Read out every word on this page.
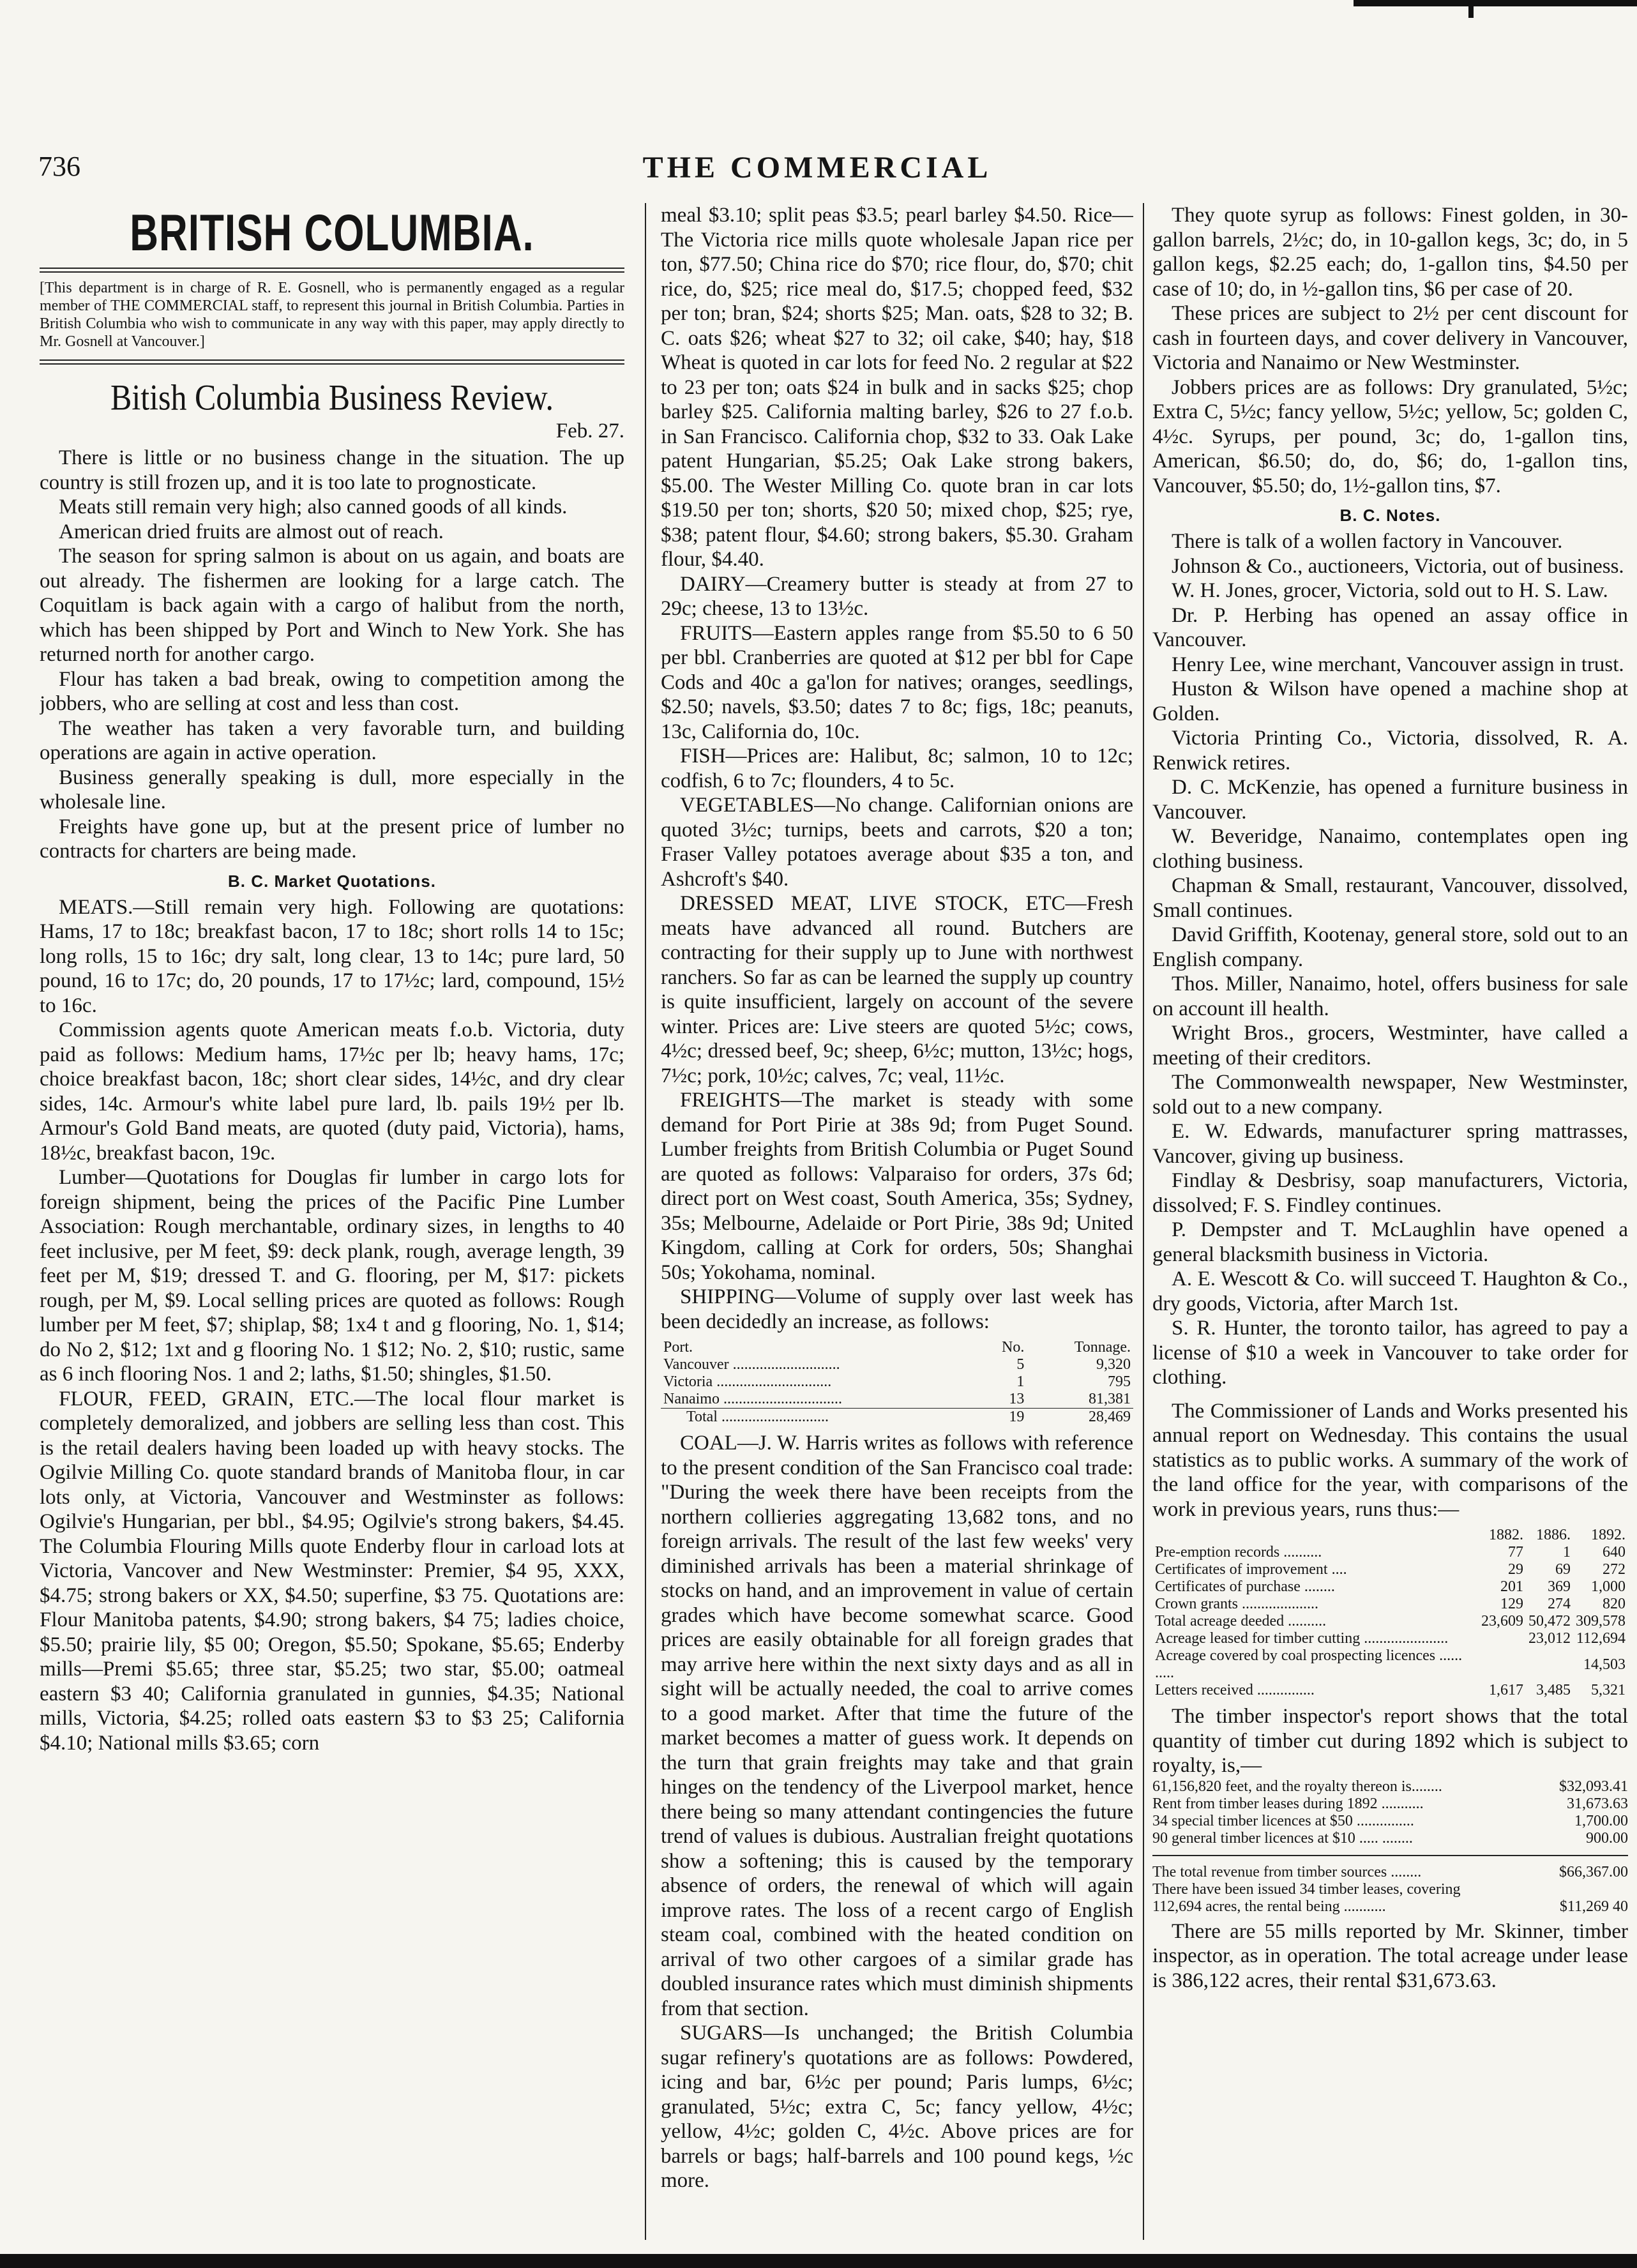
736	THE COMMERCIAL
BRITISH COLUMBIA.
[This department is in charge of R. E. Gosnell, who is permanently engaged as a regular member of THE COMMERCIAL staff, to represent this journal in British Columbia. Parties in British Columbia who wish to communicate in any way with this paper, may apply directly to Mr. Gosnell at Vancouver.]
Bitish Columbia Business Review.
Feb. 27.

There is little or no business change in the situation. The up country is still frozen up, and it is too late to prognosticate.

Meats still remain very high; also canned goods of all kinds.

American dried fruits are almost out of reach.

The season for spring salmon is about on us again, and boats are out already. The fishermen are looking for a large catch. The Coquitlam is back again with a cargo of halibut from the north, which has been shipped by Port and Winch to New York. She has returned north for another cargo.

Flour has taken a bad break, owing to competition among the jobbers, who are selling at cost and less than cost.

The weather has taken a very favorable turn, and building operations are again in active operation.

Business generally speaking is dull, more especially in the wholesale line.

Freights have gone up, but at the present price of lumber no contracts for charters are being made.

B. C. Market Quotations.

MEATS.—Still remain very high. Following are quotations: Hams, 17 to 18c; breakfast bacon, 17 to 18c; short rolls 14 to 15c; long rolls, 15 to 16c; dry salt, long clear, 13 to 14c; pure lard, 50 pound, 16 to 17c; do, 20 pounds, 17 to 17½c; lard, compound, 15½ to 16c.

Commission agents quote American meats f.o.b. Victoria, duty paid as follows: Medium hams, 17½c per lb; heavy hams, 17c; choice breakfast bacon, 18c; short clear sides, 14½c, and dry clear sides, 14c. Armour's white label pure lard, lb. pails 19½ per lb. Armour's Gold Band meats, are quoted (duty paid, Victoria), hams, 18½c, breakfast bacon, 19c.

Lumber—Quotations for Douglas fir lumber in cargo lots for foreign shipment, being the prices of the Pacific Pine Lumber Association: Rough merchantable, ordinary sizes, in lengths to 40 feet inclusive, per M feet, $9: deck plank, rough, average length, 39 feet per M, $19; dressed T. and G. flooring, per M, $17: pickets rough, per M, $9. Local selling prices are quoted as follows: Rough lumber per M feet, $7; shiplap, $8; 1x4 t and g flooring, No. 1, $14; do No 2, $12; 1xt and g flooring No. 1 $12; No. 2, $10; rustic, same as 6 inch flooring Nos. 1 and 2; laths, $1.50; shingles, $1.50.

FLOUR, FEED, GRAIN, ETC.—The local flour market is completely demoralized, and jobbers are selling less than cost. This is the retail dealers having been loaded up with heavy stocks. The Ogilvie Milling Co. quote standard brands of Manitoba flour, in car lots only, at Victoria, Vancouver and Westminster as follows: Ogilvie's Hungarian, per bbl., $4.95; Ogilvie's strong bakers, $4.45. The Columbia Flouring Mills quote Enderby flour in carload lots at Victoria, Vancover and New Westminster: Premier, $4 95, XXX, $4.75; strong bakers or XX, $4.50; superfine, $3 75. Quotations are: Flour Manitoba patents, $4.90; strong bakers, $4 75; ladies choice, $5.50; prairie lily, $5 00; Oregon, $5.50; Spokane, $5.65; Enderby mills—Premi $5.65; three star, $5.25; two star, $5.00; oatmeal eastern $3 40; California granulated in gunnies, $4.35; National mills, Victoria, $4.25; rolled oats eastern $3 to $3 25; California $4.10; National mills $3.65; corn

meal $3.10; split peas $3.5; pearl barley $4.50. Rice—The Victoria rice mills quote wholesale Japan rice per ton, $77.50; China rice do $70; rice flour, do, $70; chit rice, do, $25; rice meal do, $17.5; chopped feed, $32 per ton; bran, $24; shorts $25; Man. oats, $28 to 32; B. C. oats $26; wheat $27 to 32; oil cake, $40; hay, $18 Wheat is quoted in car lots for feed No. 2 regular at $22 to 23 per ton; oats $24 in bulk and in sacks $25; chop barley $25. California malting barley, $26 to 27 f.o.b. in San Francisco. California chop, $32 to 33. Oak Lake patent Hungarian, $5.25; Oak Lake strong bakers, $5.00. The Wester Milling Co. quote bran in car lots $19.50 per ton; shorts, $20 50; mixed chop, $25; rye, $38; patent flour, $4.60; strong bakers, $5.30. Graham flour, $4.40.

DAIRY—Creamery butter is steady at from 27 to 29c; cheese, 13 to 13½c.

FRUITS—Eastern apples range from $5.50 to 6 50 per bbl. Cranberries are quoted at $12 per bbl for Cape Cods and 40c a ga'lon for natives; oranges, seedlings, $2.50; navels, $3.50; dates 7 to 8c; figs, 18c; peanuts, 13c, California do, 10c.

FISH—Prices are: Halibut, 8c; salmon, 10 to 12c; codfish, 6 to 7c; flounders, 4 to 5c.

VEGETABLES—No change. Californian onions are quoted 3½c; turnips, beets and carrots, $20 a ton; Fraser Valley potatoes average about $35 a ton, and Ashcroft's $40.

DRESSED MEAT, LIVE STOCK, ETC—Fresh meats have advanced all round. Butchers are contracting for their supply up to June with northwest ranchers. So far as can be learned the supply up country is quite insufficient, largely on account of the severe winter. Prices are: Live steers are quoted 5½c; cows, 4½c; dressed beef, 9c; sheep, 6½c; mutton, 13½c; hogs, 7½c; pork, 10½c; calves, 7c; veal, 11½c.

FREIGHTS—The market is steady with some demand for Port Pirie at 38s 9d; from Puget Sound. Lumber freights from British Columbia or Puget Sound are quoted as follows: Valparaiso for orders, 37s 6d; direct port on West coast, South America, 35s; Sydney, 35s; Melbourne, Adelaide or Port Pirie, 38s 9d; United Kingdom, calling at Cork for orders, 50s; Shanghai 50s; Yokohama, nominal.

SHIPPING—Volume of supply over last week has been decidedly an increase, as follows:

Port.	No.	Tonnage.
Vancouver ............................	5	9,320
Victoria ..............................	1	795
Nanaimo ...............................	13	81,381
Total ............................	19	28,469

COAL—J. W. Harris writes as follows with reference to the present condition of the San Francisco coal trade: "During the week there have been receipts from the northern collieries aggregating 13,682 tons, and no foreign arrivals. The result of the last few weeks' very diminished arrivals has been a material shrinkage of stocks on hand, and an improvement in value of certain grades which have become somewhat scarce. Good prices are easily obtainable for all foreign grades that may arrive here within the next sixty days and as all in sight will be actually needed, the coal to arrive comes to a good market. After that time the future of the market becomes a matter of guess work. It depends on the turn that grain freights may take and that grain hinges on the tendency of the Liverpool market, hence there being so many attendant contingencies the future trend of values is dubious. Australian freight quotations show a softening; this is caused by the temporary absence of orders, the renewal of which will again improve rates. The loss of a recent cargo of English steam coal, combined with the heated condition on arrival of two other cargoes of a similar grade has doubled insurance rates which must diminish shipments from that section.

SUGARS—Is unchanged; the British Columbia sugar refinery's quotations are as follows: Powdered, icing and bar, 6½c per pound; Paris lumps, 6½c; granulated, 5½c; extra C, 5c; fancy yellow, 4½c; yellow, 4½c; golden C, 4½c. Above prices are for barrels or bags; half-barrels and 100 pound kegs, ½c more.

They quote syrup as follows: Finest golden, in 30-gallon barrels, 2½c; do, in 10-gallon kegs, 3c; do, in 5 gallon kegs, $2.25 each; do, 1-gallon tins, $4.50 per case of 10; do, in ½-gallon tins, $6 per case of 20.

These prices are subject to 2½ per cent discount for cash in fourteen days, and cover delivery in Vancouver, Victoria and Nanaimo or New Westminster.

Jobbers prices are as follows: Dry granulated, 5½c; Extra C, 5½c; fancy yellow, 5½c; yellow, 5c; golden C, 4½c. Syrups, per pound, 3c; do, 1-gallon tins, American, $6.50; do, do, $6; do, 1-gallon tins, Vancouver, $5.50; do, 1½-gallon tins, $7.

B. C. Notes.

There is talk of a wollen factory in Vancouver.

Johnson & Co., auctioneers, Victoria, out of business.

W. H. Jones, grocer, Victoria, sold out to H. S. Law.

Dr. P. Herbing has opened an assay office in Vancouver.

Henry Lee, wine merchant, Vancouver assign in trust.

Huston & Wilson have opened a machine shop at Golden.

Victoria Printing Co., Victoria, dissolved, R. A. Renwick retires.

D. C. McKenzie, has opened a furniture business in Vancouver.

W. Beveridge, Nanaimo, contemplates open ing clothing business.

Chapman & Small, restaurant, Vancouver, dissolved, Small continues.

David Griffith, Kootenay, general store, sold out to an English company.

Thos. Miller, Nanaimo, hotel, offers business for sale on account ill health.

Wright Bros., grocers, Westminter, have called a meeting of their creditors.

The Commonwealth newspaper, New Westminster, sold out to a new company.

E. W. Edwards, manufacturer spring mattrasses, Vancover, giving up business.

Findlay & Desbrisy, soap manufacturers, Victoria, dissolved; F. S. Findley continues.

P. Dempster and T. McLaughlin have opened a general blacksmith business in Victoria.

A. E. Wescott & Co. will succeed T. Haughton & Co., dry goods, Victoria, after March 1st.

S. R. Hunter, the toronto tailor, has agreed to pay a license of $10 a week in Vancouver to take order for clothing.

The Commissioner of Lands and Works presented his annual report on Wednesday. This contains the usual statistics as to public works. A summary of the work of the land office for the year, with comparisons of the work in previous years, runs thus:—

	1882.	1886.	1892.
Pre-emption records ..........	77	1	640
Certificates of improvement ....	29	69	272
Certificates of purchase ........	201	369	1,000
Crown grants ....................	129	274	820
Total acreage deeded ..........	23,609	50,472	309,578
Acreage leased for timber cutting ......................		23,012	112,694
Acreage covered by coal prospecting licences ...... .....			14,503
Letters received ...............	1,617	3,485	5,321

The timber inspector's report shows that the total quantity of timber cut during 1892 which is subject to royalty, is,—

61,156,820 feet, and the royalty thereon is........	$32,093.41
Rent from timber leases during 1892 ...........	31,673.63
34 special timber licences at $50 ...............	1,700.00
90 general timber licences at $10 ..... ........	900.00
The total revenue from timber sources ........	$66,367.00
There have been issued 34 timber leases, covering 112,694 acres, the rental being ...........	$11,269 40

There are 55 mills reported by Mr. Skinner, timber inspector, as in operation. The total acreage under lease is 386,122 acres, their rental $31,673.63.
